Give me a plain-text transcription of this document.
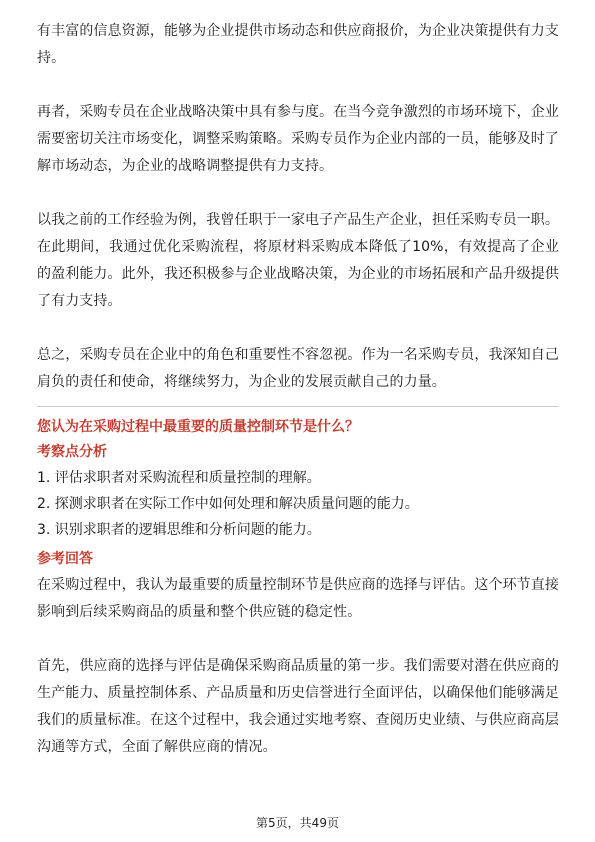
有丰富的信息资源，能够为企业提供市场动态和供应商报价，为企业决策提供有力支持。

再者，采购专员在企业战略决策中具有参与度。在当今竞争激烈的市场环境下，企业需要密切关注市场变化，调整采购策略。采购专员作为企业内部的一员，能够及时了解市场动态，为企业的战略调整提供有力支持。

以我之前的工作经验为例，我曾任职于一家电子产品生产企业，担任采购专员一职。在此期间，我通过优化采购流程，将原材料采购成本降低了10%，有效提高了企业的盈利能力。此外，我还积极参与企业战略决策，为企业的市场拓展和产品升级提供了有力支持。

总之，采购专员在企业中的角色和重要性不容忽视。作为一名采购专员，我深知自己肩负的责任和使命，将继续努力，为企业的发展贡献自己的力量。

您认为在采购过程中最重要的质量控制环节是什么？

考察点分析

1. 评估求职者对采购流程和质量控制的理解。

2. 探测求职者在实际工作中如何处理和解决质量问题的能力。

3. 识别求职者的逻辑思维和分析问题的能力。

参考回答

在采购过程中，我认为最重要的质量控制环节是供应商的选择与评估。这个环节直接影响到后续采购商品的质量和整个供应链的稳定性。

首先，供应商的选择与评估是确保采购商品质量的第一步。我们需要对潜在供应商的生产能力、质量控制体系、产品质量和历史信誉进行全面评估，以确保他们能够满足我们的质量标准。在这个过程中，我会通过实地考察、查阅历史业绩、与供应商高层沟通等方式，全面了解供应商的情况。

第5页，共49页
